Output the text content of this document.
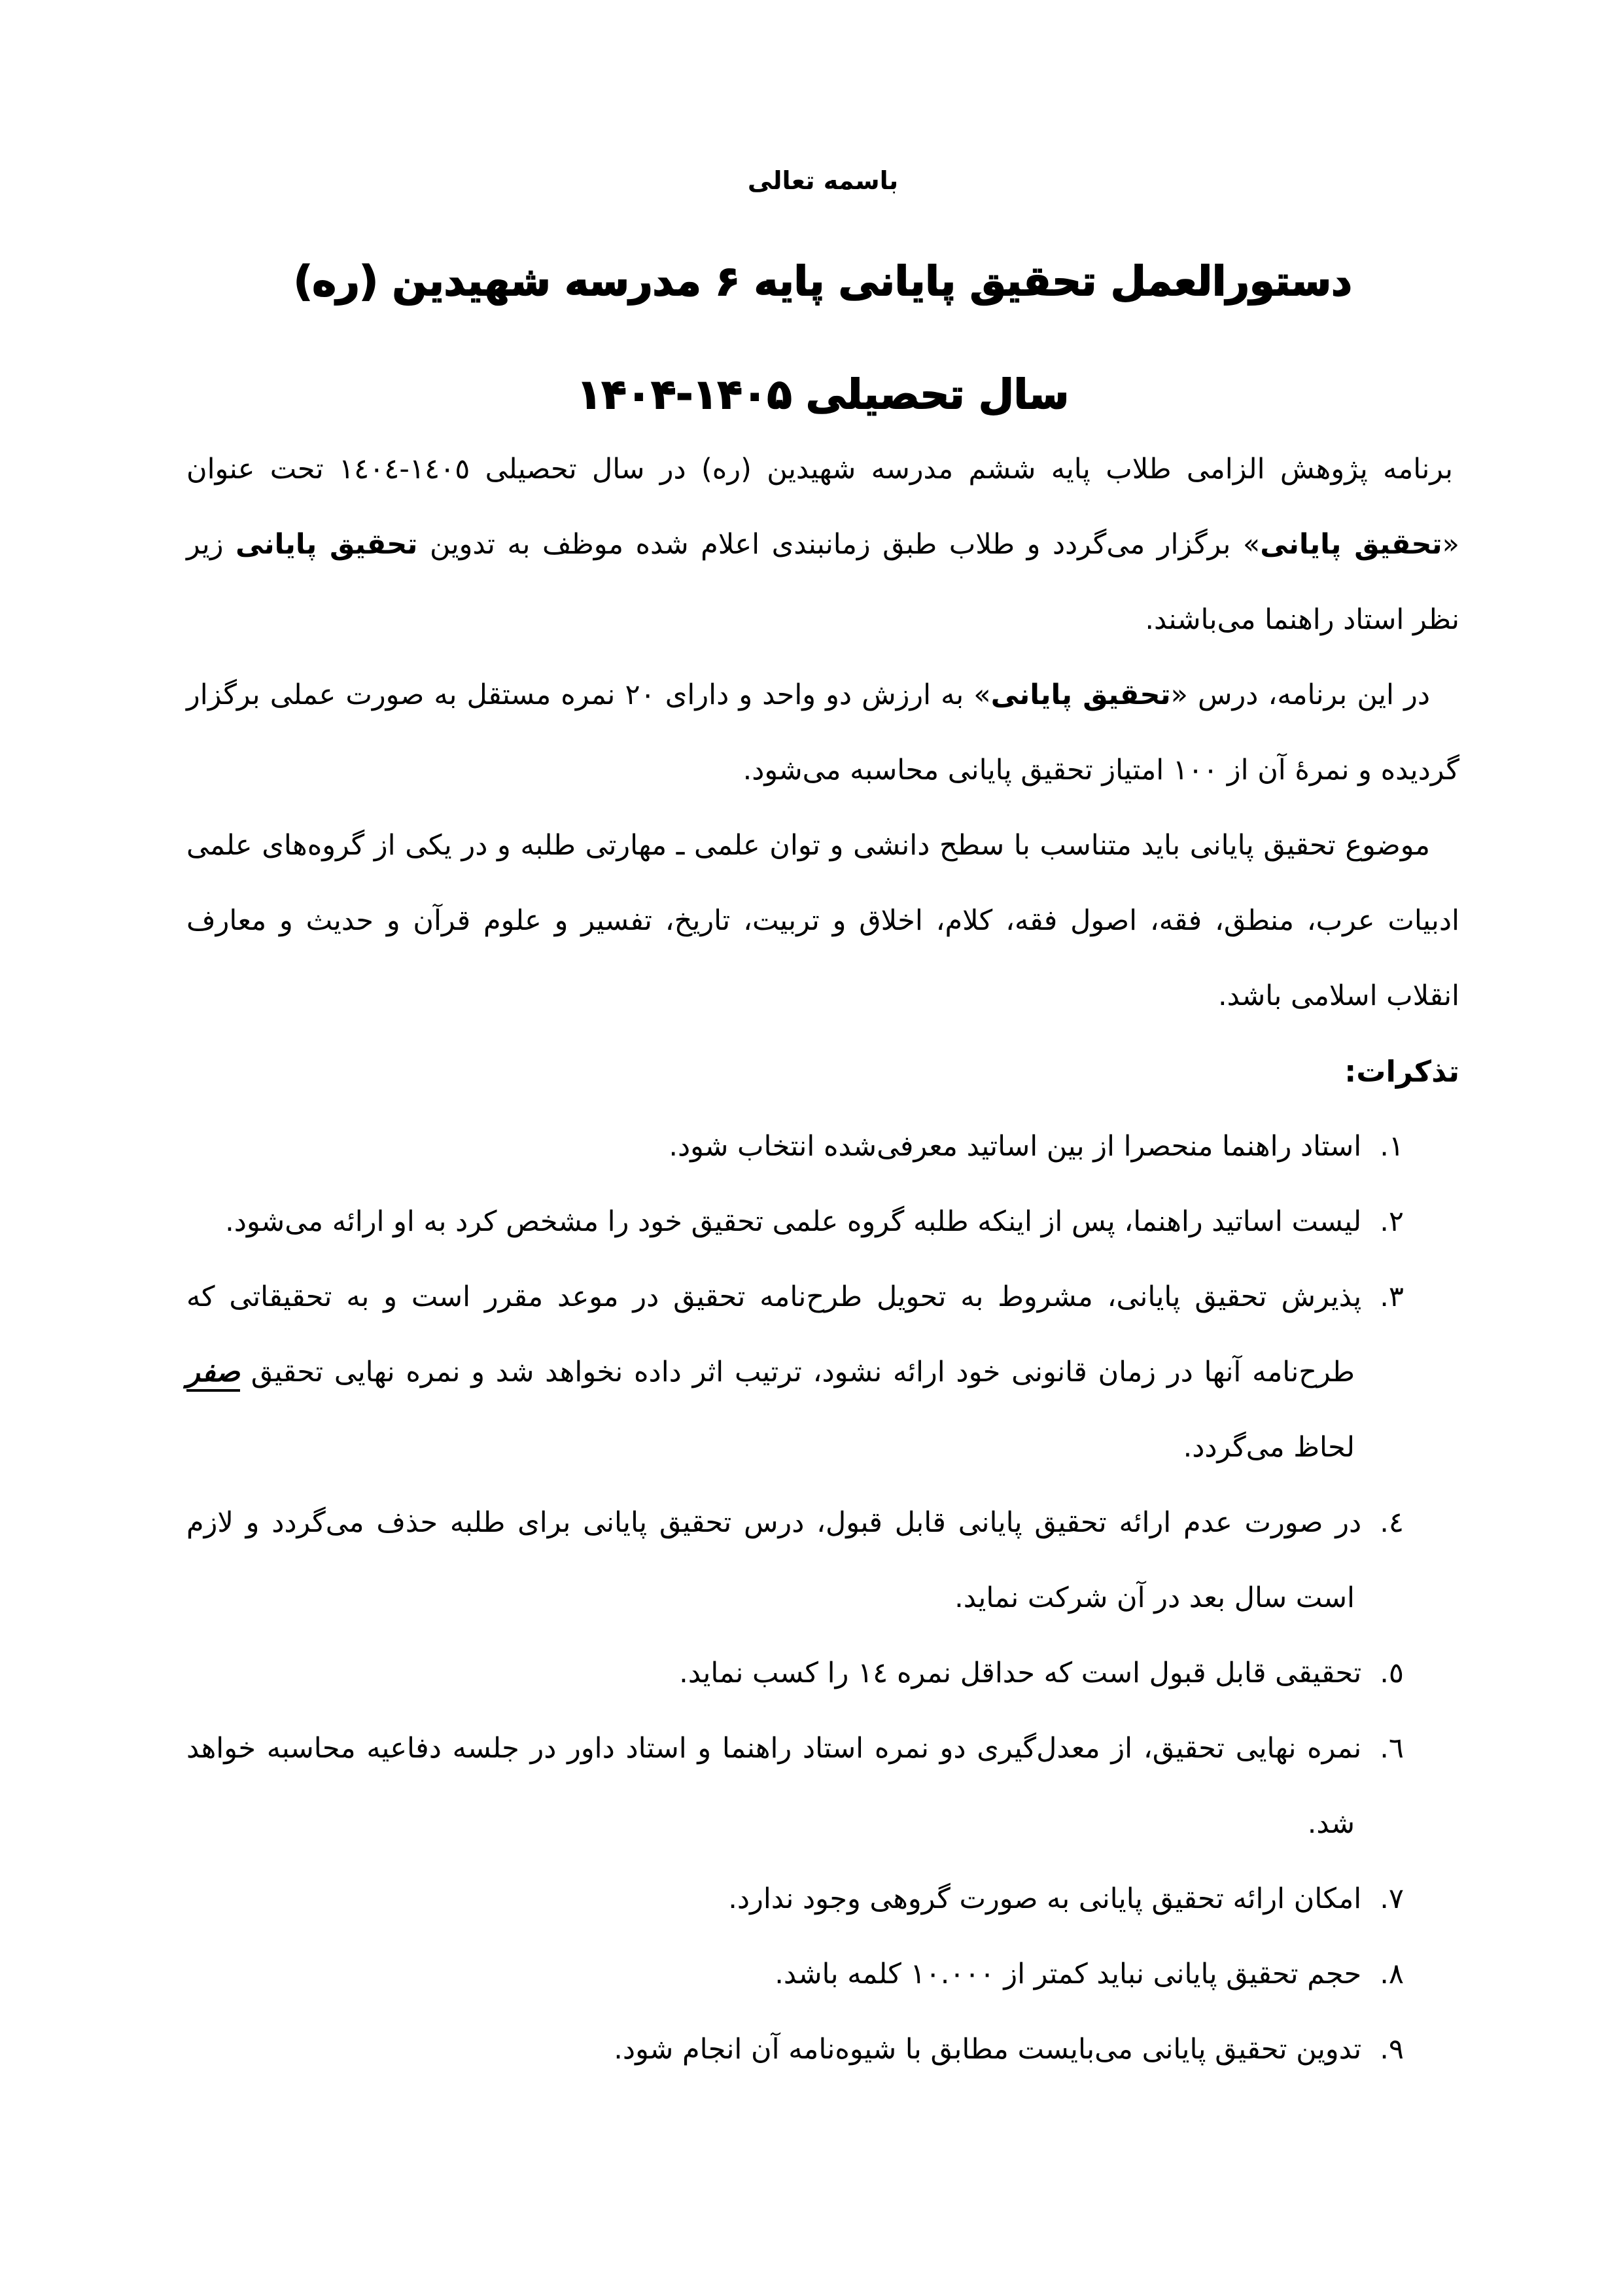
باسمه تعالی
دستورالعمل تحقیق پایانی پایه ۶ مدرسه شهیدین (ره)
سال تحصیلی ۱۴۰۵-۱۴۰۴

برنامه پژوهش الزامی طلاب پایه ششم مدرسه شهیدین (ره) در سال تحصیلی ١٤٠٥-١٤٠٤ تحت عنوان «تحقیق پایانی» برگزار می‌گردد و طلاب طبق زمانبندی اعلام شده موظف به تدوین تحقیق پایانی زیر نظر استاد راهنما می‌باشند.

در این برنامه، درس «تحقیق پایانی» به ارزش دو واحد و دارای ٢٠ نمره مستقل به صورت عملی برگزار گردیده و نمرۀ آن از ١٠٠ امتیاز تحقیق پایانی محاسبه می‌شود.

موضوع تحقیق پایانی باید متناسب با سطح دانشی و توان علمی ـ مهارتی طلبه و در یکی از گروه‌های علمی ادبیات عرب، منطق، فقه، اصول فقه، کلام، اخلاق و تربیت، تاریخ، تفسیر و علوم قرآن و حدیث و معارف انقلاب اسلامی باشد.

تذکرات:

١.استاد راهنما منحصرا از بین اساتید معرفی‌شده انتخاب شود.
٢.لیست اساتید راهنما، پس از اینکه طلبه گروه علمی تحقیق خود را مشخص کرد به او ارائه می‌شود.
٣.پذیرش تحقیق پایانی، مشروط به تحویل طرح‌نامه تحقیق در موعد مقرر است و به تحقیقاتی که طرح‌نامه آنها در زمان قانونی خود ارائه نشود، ترتیب اثر داده نخواهد شد و نمره نهایی تحقیق صفر لحاظ می‌گردد.
٤.در صورت عدم ارائه تحقیق پایانی قابل قبول، درس تحقیق پایانی برای طلبه حذف می‌گردد و لازم است سال بعد در آن شرکت نماید.
٥.تحقیقی قابل قبول است که حداقل نمره ١٤ را کسب نماید.
٦.نمره نهایی تحقیق، از معدل‌گیری دو نمره استاد راهنما و استاد داور در جلسه دفاعیه محاسبه خواهد شد.
٧.امکان ارائه تحقیق پایانی به صورت گروهی وجود ندارد.
٨.حجم تحقیق پایانی نباید کمتر از ١٠.٠٠٠ کلمه باشد.
٩.تدوین تحقیق پایانی می‌بایست مطابق با شیوه‌نامه آن انجام شود.
